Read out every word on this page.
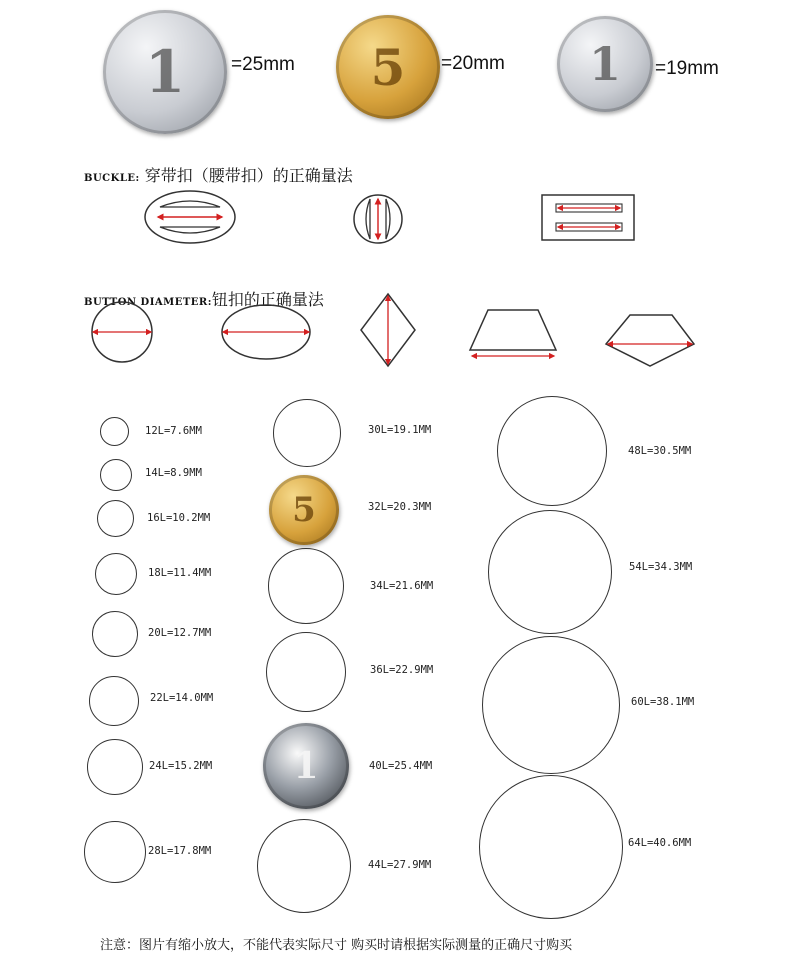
1 =25mm 5 =20mm 1 =19mm
BUCKLE: 穿带扣（腰带扣）的正确量法
BUTTON DIAMETER:钮扣的正确量法
12L=7.6MM
14L=8.9MM
16L=10.2MM
18L=11.4MM
20L=12.7MM
22L=14.0MM
24L=15.2MM
28L=17.8MM
30L=19.1MM
5	32L=20.3MM
34L=21.6MM
36L=22.9MM
1	40L=25.4MM
44L=27.9MM
48L=30.5MM
54L=34.3MM
60L=38.1MM
64L=40.6MM
注意：图片有缩小放大，不能代表实际尺寸 购买时请根据实际测量的正确尺寸购买
